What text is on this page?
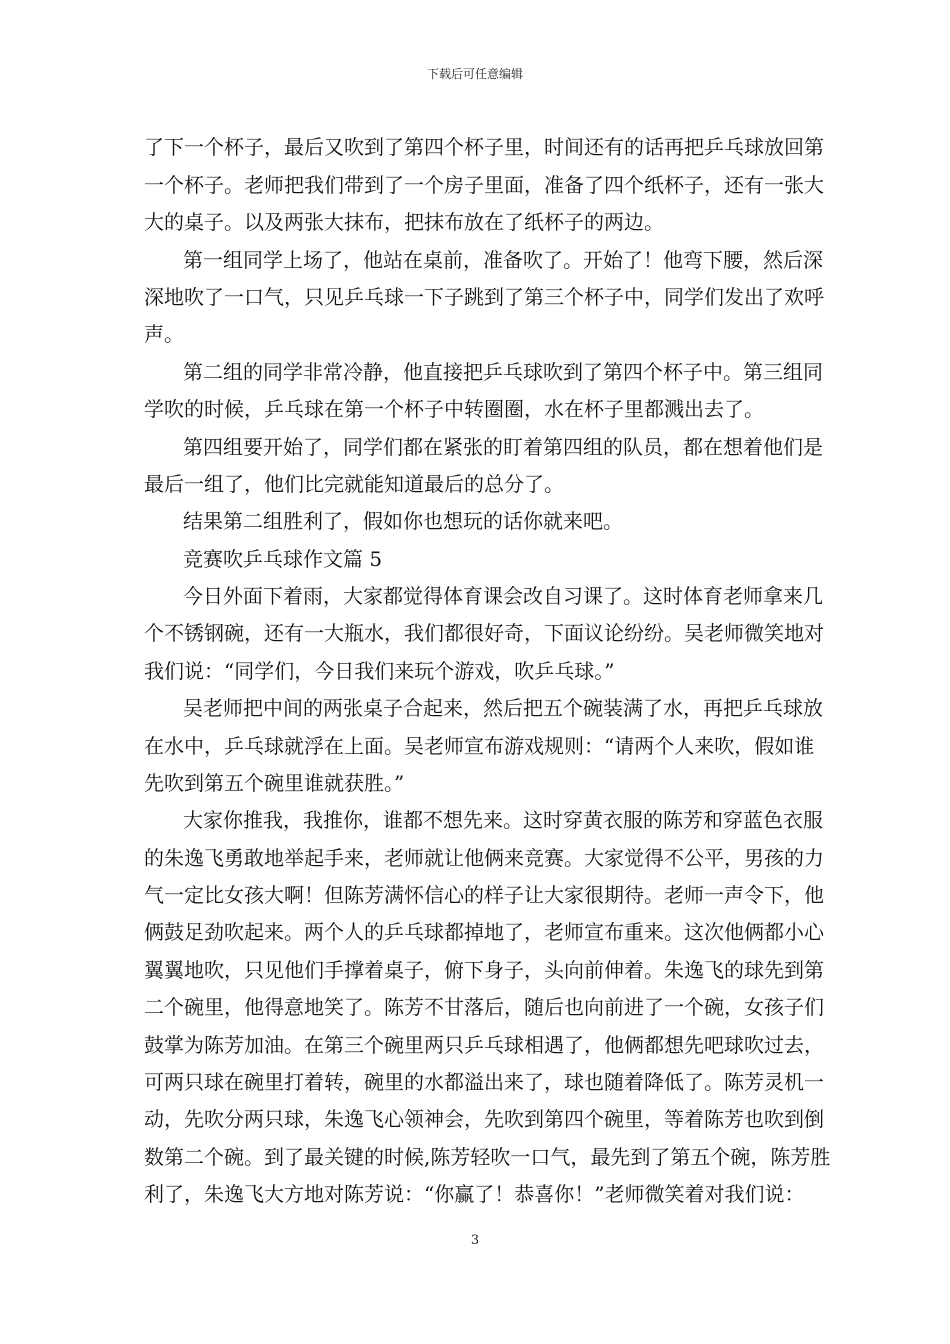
下载后可任意编辑
了下一个杯子，最后又吹到了第四个杯子里，时间还有的话再把乒乓球放回第
一个杯子。老师把我们带到了一个房子里面，准备了四个纸杯子，还有一张大
大的桌子。以及两张大抹布，把抹布放在了纸杯子的两边。
第一组同学上场了，他站在桌前，准备吹了。开始了！他弯下腰，然后深
深地吹了一口气，只见乒乓球一下子跳到了第三个杯子中，同学们发出了欢呼
声。
第二组的同学非常冷静，他直接把乒乓球吹到了第四个杯子中。第三组同
学吹的时候，乒乓球在第一个杯子中转圈圈，水在杯子里都溅出去了。
第四组要开始了，同学们都在紧张的盯着第四组的队员，都在想着他们是
最后一组了，他们比完就能知道最后的总分了。
结果第二组胜利了，假如你也想玩的话你就来吧。
竞赛吹乒乓球作文篇 5
今日外面下着雨，大家都觉得体育课会改自习课了。这时体育老师拿来几
个不锈钢碗，还有一大瓶水，我们都很好奇，下面议论纷纷。吴老师微笑地对
我们说：“同学们，今日我们来玩个游戏，吹乒乓球。”
吴老师把中间的两张桌子合起来，然后把五个碗装满了水，再把乒乓球放
在水中，乒乓球就浮在上面。吴老师宣布游戏规则：“请两个人来吹，假如谁
先吹到第五个碗里谁就获胜。”
大家你推我，我推你，谁都不想先来。这时穿黄衣服的陈芳和穿蓝色衣服
的朱逸飞勇敢地举起手来，老师就让他俩来竞赛。大家觉得不公平，男孩的力
气一定比女孩大啊！但陈芳满怀信心的样子让大家很期待。老师一声令下，他
俩鼓足劲吹起来。两个人的乒乓球都掉地了，老师宣布重来。这次他俩都小心
翼翼地吹，只见他们手撑着桌子，俯下身子，头向前伸着。朱逸飞的球先到第
二个碗里，他得意地笑了。陈芳不甘落后，随后也向前进了一个碗，女孩子们
鼓掌为陈芳加油。在第三个碗里两只乒乓球相遇了，他俩都想先吧球吹过去，
可两只球在碗里打着转，碗里的水都溢出来了，球也随着降低了。陈芳灵机一
动，先吹分两只球，朱逸飞心领神会，先吹到第四个碗里，等着陈芳也吹到倒
数第二个碗。到了最关键的时候,陈芳轻吹一口气，最先到了第五个碗，陈芳胜
利了，朱逸飞大方地对陈芳说：“你赢了！恭喜你！”老师微笑着对我们说：
3
